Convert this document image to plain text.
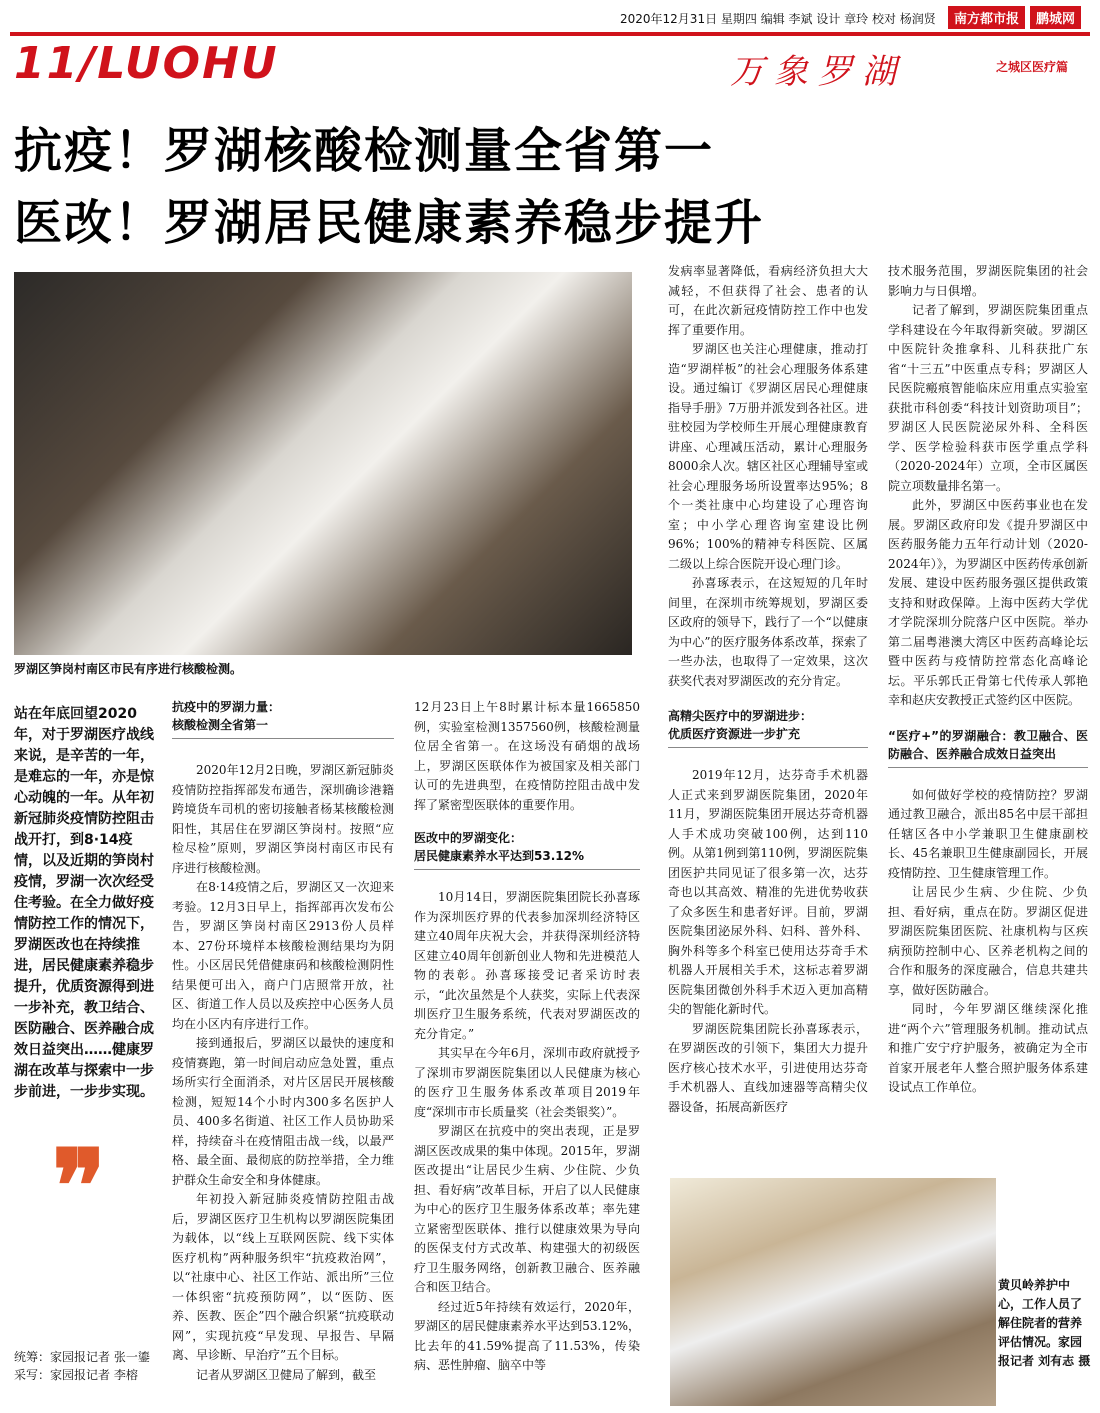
2020年12月31日 星期四 编辑 李斌 设计 章玲 校对 杨润贤	南方都市报	鹏城网
11/LUOHU	万象罗湖	之城区医疗篇
抗疫！罗湖核酸检测量全省第一
医改！罗湖居民健康素养稳步提升
罗湖区笋岗村南区市民有序进行核酸检测。
站在年底回望2020年，对于罗湖医疗战线来说，是辛苦的一年，是难忘的一年，亦是惊心动魄的一年。从年初新冠肺炎疫情防控阻击战开打，到8·14疫情，以及近期的笋岗村疫情，罗湖一次次经受住考验。在全力做好疫情防控工作的情况下，罗湖医改也在持续推进，居民健康素养稳步提升，优质资源得到进一步补充，教卫结合、医防融合、医养融合成效日益突出……健康罗湖在改革与探索中一步步前进，一步步实现。
❞
统筹：家园报记者 张一鎏
采写：家园报记者 李榕
抗疫中的罗湖力量：
核酸检测全省第一

2020年12月2日晚，罗湖区新冠肺炎疫情防控指挥部发布通告，深圳确诊港籍跨境货车司机的密切接触者杨某核酸检测阳性，其居住在罗湖区笋岗村。按照“应检尽检”原则，罗湖区笋岗村南区市民有序进行核酸检测。

在8·14疫情之后，罗湖区又一次迎来考验。12月3日早上，指挥部再次发布公告，罗湖区笋岗村南区2913份人员样本、27份环境样本核酸检测结果均为阴性。小区居民凭借健康码和核酸检测阴性结果便可出入，商户门店照常开放，社区、街道工作人员以及疾控中心医务人员均在小区内有序进行工作。

接到通报后，罗湖区以最快的速度和疫情赛跑，第一时间启动应急处置，重点场所实行全面消杀，对片区居民开展核酸检测，短短14个小时内300多名医护人员、400多名街道、社区工作人员协助采样，持续奋斗在疫情阻击战一线，以最严格、最全面、最彻底的防控举措，全力维护群众生命安全和身体健康。

年初投入新冠肺炎疫情防控阻击战后，罗湖区医疗卫生机构以罗湖医院集团为载体，以“线上互联网医院、线下实体医疗机构”两种服务织牢“抗疫救治网”，以“社康中心、社区工作站、派出所”三位一体织密“抗疫预防网”，以“医防、医养、医教、医企”四个融合织紧“抗疫联动网”，实现抗疫“早发现、早报告、早隔离、早诊断、早治疗”五个目标。

记者从罗湖区卫健局了解到，截至

12月23日上午8时累计标本量1665850例，实验室检测1357560例，核酸检测量位居全省第一。在这场没有硝烟的战场上，罗湖区医联体作为被国家及相关部门认可的先进典型，在疫情防控阻击战中发挥了紧密型医联体的重要作用。

医改中的罗湖变化：
居民健康素养水平达到53.12%

10月14日，罗湖医院集团院长孙喜琢作为深圳医疗界的代表参加深圳经济特区建立40周年庆祝大会，并获得深圳经济特区建立40周年创新创业人物和先进模范人物的表彰。孙喜琢接受记者采访时表示，“此次虽然是个人获奖，实际上代表深圳医疗卫生服务系统，代表对罗湖医改的充分肯定。”

其实早在今年6月，深圳市政府就授予了深圳市罗湖医院集团以人民健康为核心的医疗卫生服务体系改革项目2019年度“深圳市市长质量奖（社会类银奖）”。

罗湖区在抗疫中的突出表现，正是罗湖区医改成果的集中体现。2015年，罗湖医改提出“让居民少生病、少住院、少负担、看好病”改革目标，开启了以人民健康为中心的医疗卫生服务体系改革；率先建立紧密型医联体、推行以健康效果为导向的医保支付方式改革、构建强大的初级医疗卫生服务网络，创新教卫融合、医养融合和医卫结合。

经过近5年持续有效运行，2020年，罗湖区的居民健康素养水平达到53.12%，比去年的41.59%提高了11.53%，传染病、恶性肿瘤、脑卒中等

发病率显著降低，看病经济负担大大减轻，不但获得了社会、患者的认可，在此次新冠疫情防控工作中也发挥了重要作用。

罗湖区也关注心理健康，推动打造“罗湖样板”的社会心理服务体系建设。通过编订《罗湖区居民心理健康指导手册》7万册并派发到各社区。进驻校园为学校师生开展心理健康教育讲座、心理减压活动，累计心理服务8000余人次。辖区社区心理辅导室或社会心理服务场所设置率达95%；8个一类社康中心均建设了心理咨询室；中小学心理咨询室建设比例96%；100%的精神专科医院、区属二级以上综合医院开设心理门诊。

孙喜琢表示，在这短短的几年时间里，在深圳市统筹规划，罗湖区委区政府的领导下，践行了一个“以健康为中心”的医疗服务体系改革，探索了一些办法，也取得了一定效果，这次获奖代表对罗湖医改的充分肯定。

高精尖医疗中的罗湖进步：
优质医疗资源进一步扩充

2019年12月，达芬奇手术机器人正式来到罗湖医院集团，2020年11月，罗湖医院集团开展达芬奇机器人手术成功突破100例，达到110例。从第1例到第110例，罗湖医院集团医护共同见证了很多第一次，达芬奇也以其高效、精准的先进优势收获了众多医生和患者好评。目前，罗湖医院集团泌尿外科、妇科、普外科、胸外科等多个科室已使用达芬奇手术机器人开展相关手术，这标志着罗湖医院集团微创外科手术迈入更加高精尖的智能化新时代。

罗湖医院集团院长孙喜琢表示，在罗湖医改的引领下，集团大力提升医疗核心技术水平，引进使用达芬奇手术机器人、直线加速器等高精尖仪器设备，拓展高新医疗

技术服务范围，罗湖医院集团的社会影响力与日俱增。

记者了解到，罗湖医院集团重点学科建设在今年取得新突破。罗湖区中医院针灸推拿科、儿科获批广东省“十三五”中医重点专科；罗湖区人民医院瘢痕智能临床应用重点实验室获批市科创委“科技计划资助项目”；罗湖区人民医院泌尿外科、全科医学、医学检验科获市医学重点学科（2020-2024年）立项，全市区属医院立项数量排名第一。

此外，罗湖区中医药事业也在发展。罗湖区政府印发《提升罗湖区中医药服务能力五年行动计划（2020-2024年）》，为罗湖区中医药传承创新发展、建设中医药服务强区提供政策支持和财政保障。上海中医药大学优才学院深圳分院落户区中医院。举办第二届粤港澳大湾区中医药高峰论坛暨中医药与疫情防控常态化高峰论坛。平乐郭氏正骨第七代传承人郭艳幸和赵庆安教授正式签约区中医院。

“医疗+”的罗湖融合：教卫融合、医防融合、医养融合成效日益突出

如何做好学校的疫情防控？罗湖通过教卫融合，派出85名中层干部担任辖区各中小学兼职卫生健康副校长、45名兼职卫生健康副园长，开展疫情防控、卫生健康管理工作。

让居民少生病、少住院、少负担、看好病，重点在防。罗湖区促进罗湖医院集团医院、社康机构与区疾病预防控制中心、区养老机构之间的合作和服务的深度融合，信息共建共享，做好医防融合。

同时，今年罗湖区继续深化推进“两个六”管理服务机制。推动试点和推广安宁疗护服务，被确定为全市首家开展老年人整合照护服务体系建设试点工作单位。

黄贝岭养护中心，工作人员了解住院者的营养评估情况。家园报记者 刘有志 摄
